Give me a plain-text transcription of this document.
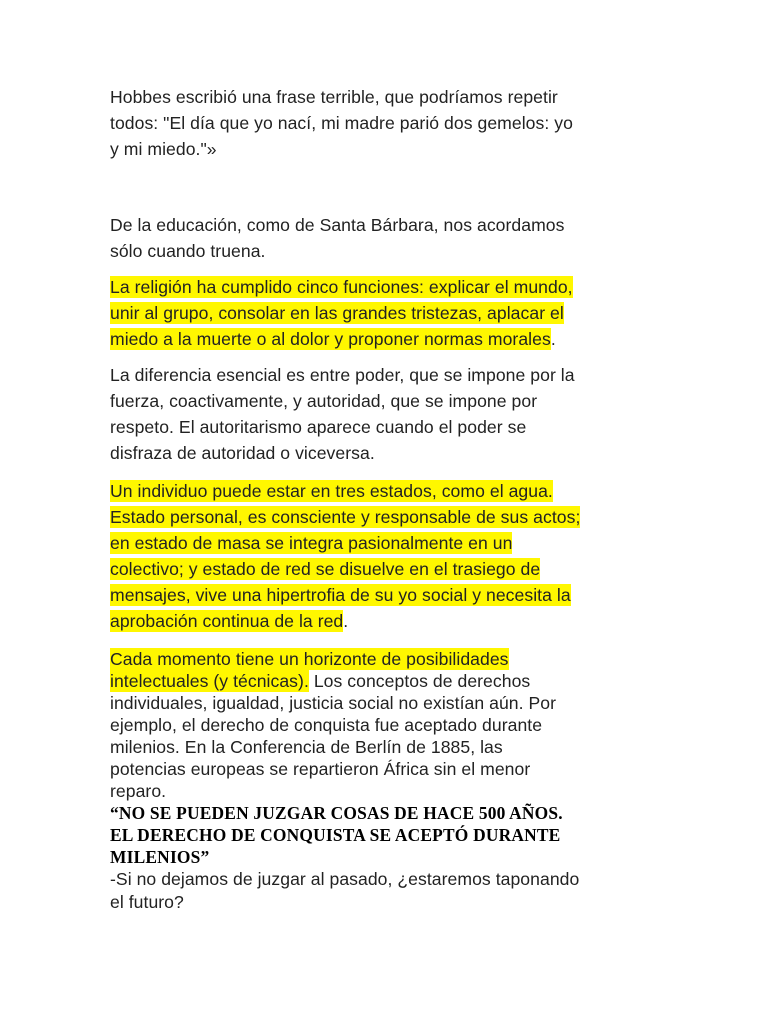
Hobbes escribió una frase terrible, que podríamos repetir
todos: "El día que yo nací, mi madre parió dos gemelos: yo
y mi miedo."»

De la educación, como de Santa Bárbara, nos acordamos
sólo cuando truena.

La religión ha cumplido cinco funciones: explicar el mundo,
unir al grupo, consolar en las grandes tristezas, aplacar el
miedo a la muerte o al dolor y proponer normas morales.

La diferencia esencial es entre poder, que se impone por la
fuerza, coactivamente, y autoridad, que se impone por
respeto. El autoritarismo aparece cuando el poder se
disfraza de autoridad o viceversa.

Un individuo puede estar en tres estados, como el agua.
Estado personal, es consciente y responsable de sus actos;
en estado de masa se integra pasionalmente en un
colectivo; y estado de red se disuelve en el trasiego de
mensajes, vive una hipertrofia de su yo social y necesita la
aprobación continua de la red.

Cada momento tiene un horizonte de posibilidades
intelectuales (y técnicas). Los conceptos de derechos
individuales, igualdad, justicia social no existían aún. Por
ejemplo, el derecho de conquista fue aceptado durante
milenios. En la Conferencia de Berlín de 1885, las
potencias europeas se repartieron África sin el menor
reparo.

“NO SE PUEDEN JUZGAR COSAS DE HACE 500 AÑOS.
EL DERECHO DE CONQUISTA SE ACEPTÓ DURANTE
MILENIOS”

-Si no dejamos de juzgar al pasado, ¿estaremos taponando
el futuro?
